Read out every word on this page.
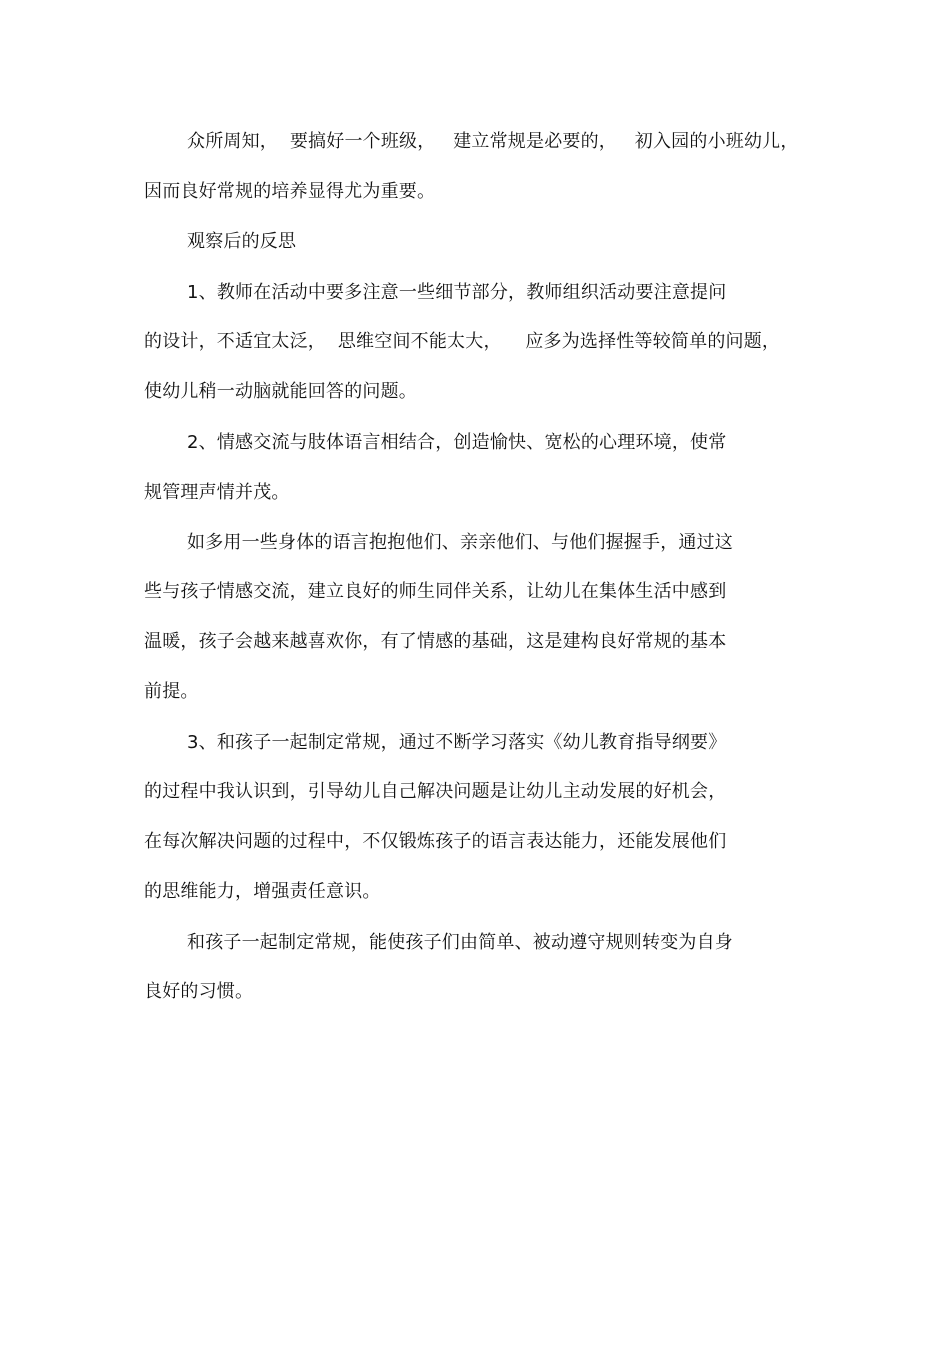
众所周知，  要搞好一个班级，   建立常规是必要的，   初入园的小班幼儿，
因而良好常规的培养显得尤为重要。
观察后的反思
1、教师在活动中要多注意一些细节部分，教师组织活动要注意提问
的设计，不适宜太泛，  思维空间不能太大，    应多为选择性等较简单的问题，
使幼儿稍一动脑就能回答的问题。
2、情感交流与肢体语言相结合，创造愉快、宽松的心理环境，使常
规管理声情并茂。
如多用一些身体的语言抱抱他们、亲亲他们、与他们握握手，通过这
些与孩子情感交流，建立良好的师生同伴关系，让幼儿在集体生活中感到
温暖，孩子会越来越喜欢你，有了情感的基础，这是建构良好常规的基本
前提。
3、和孩子一起制定常规，通过不断学习落实《幼儿教育指导纲要》
的过程中我认识到，引导幼儿自己解决问题是让幼儿主动发展的好机会，
在每次解决问题的过程中，不仅锻炼孩子的语言表达能力，还能发展他们
的思维能力，增强责任意识。
和孩子一起制定常规，能使孩子们由简单、被动遵守规则转变为自身
良好的习惯。
